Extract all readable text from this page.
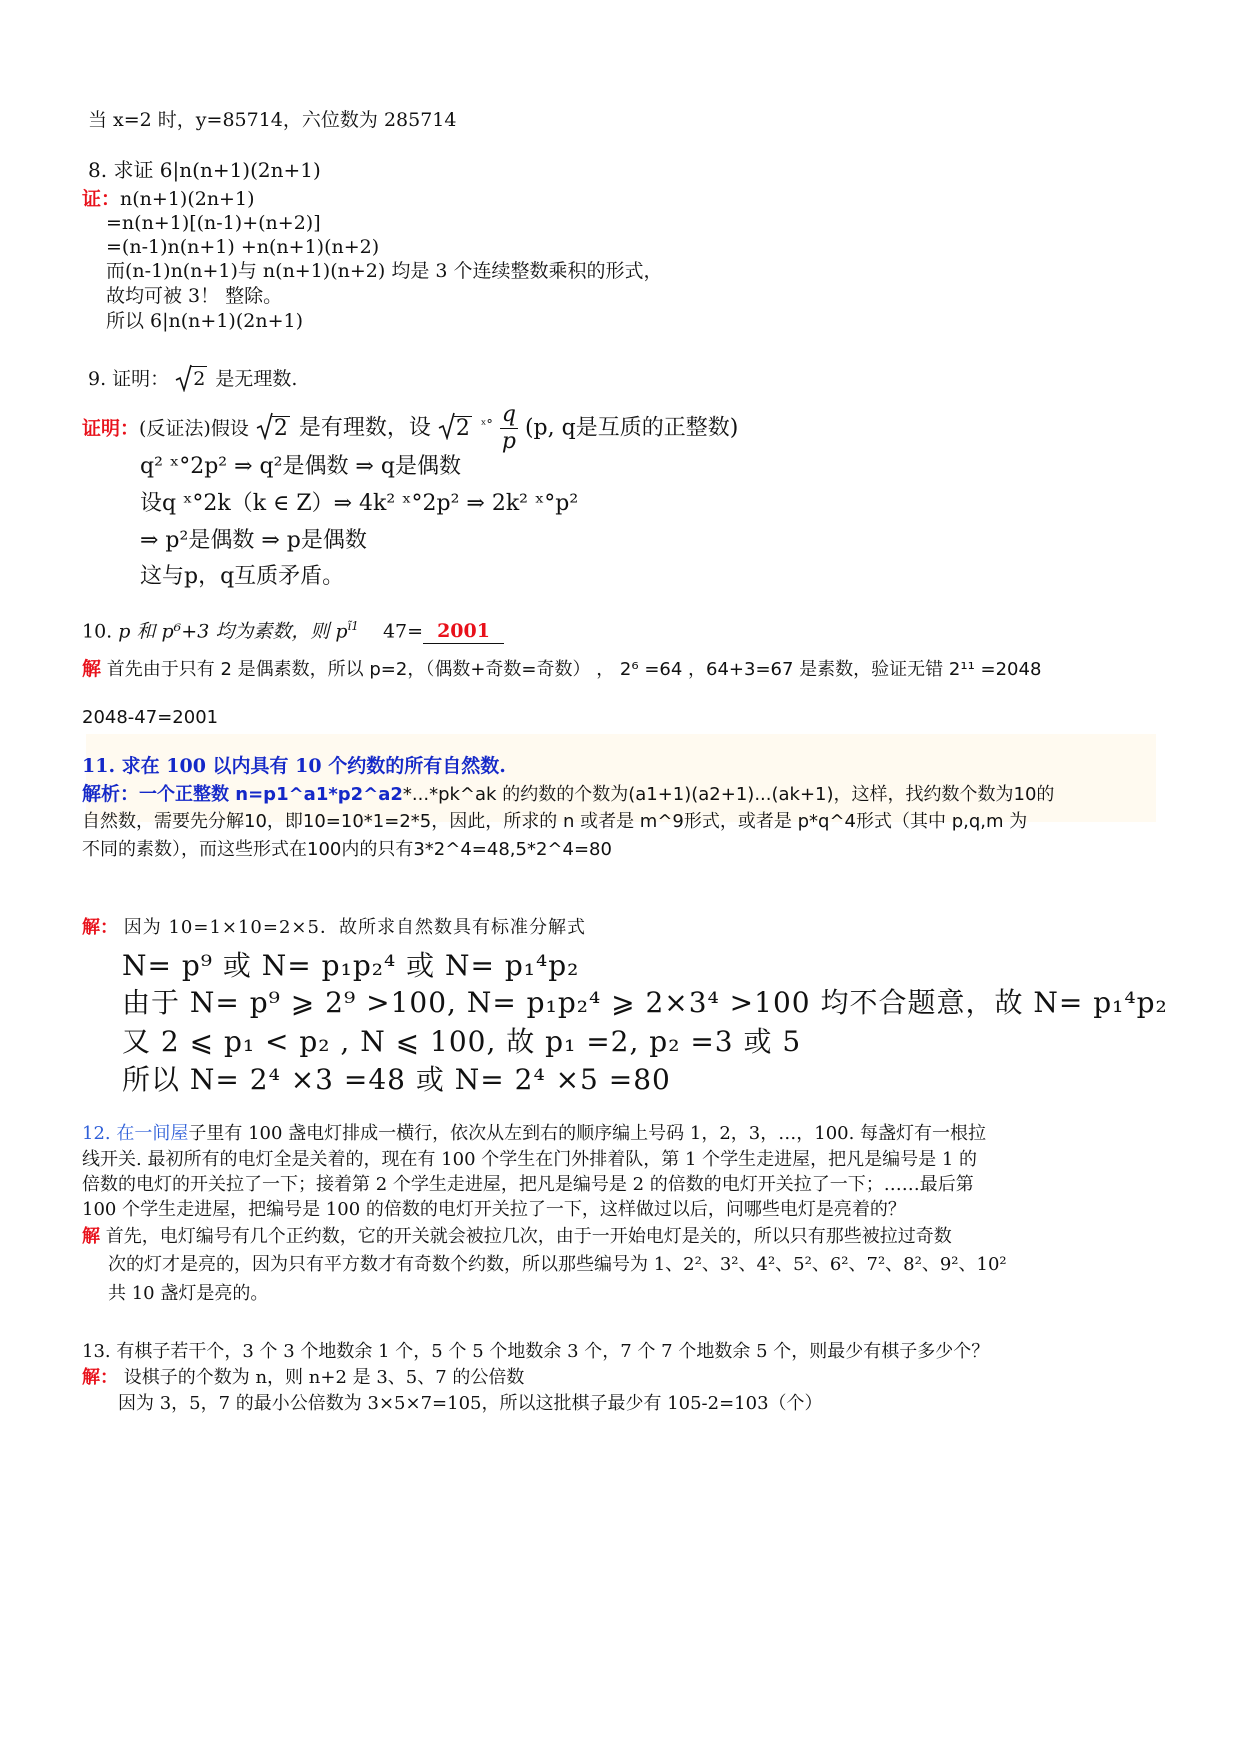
当 x=2 时，y=85714，六位数为 285714
8. 求证 6|n(n+1)(2n+1)
证：n(n+1)(2n+1)
=n(n+1)[(n-1)+(n+2)]
=(n-1)n(n+1) +n(n+1)(n+2)
而(n-1)n(n+1)与 n(n+1)(n+2) 均是 3 个连续整数乘积的形式，
故均可被 3！ 整除。
所以 6|n(n+1)(2n+1)
9. 证明： 2 是无理数.
证明：(反证法)假设 2 是有理数，设 2 $^{ˣ^\circ} \frac{q}{p} (p$, q是互质的正整数)
q² ˣ°2p² ⇒ q²是偶数 ⇒ q是偶数
设q ˣ°2k（k ∈ Z）⇒ 4k² ˣ°2p² ⇒ 2k² ˣ°p²
⇒ p²是偶数 ⇒ p是偶数
这与p，q互质矛盾。
10. p 和 p⁶+3 均为素数，则 $p^{ĩ1}$ 47= 2001
解 首先由于只有 2 是偶素数，所以 p=2，（偶数+奇数=奇数） ， 2⁶ =64 ，64+3=67 是素数，验证无错 2¹¹ =2048
2048-47=2001
11. 求在 100 以内具有 10 个约数的所有自然数.
解析：一个正整数 n=p1^a1*p2^a2*...*pk^ak 的约数的个数为(a1+1)(a2+1)...(ak+1)，这样，找约数个数为10的
自然数，需要先分解10，即10=10*1=2*5，因此，所求的 n 或者是 m^9形式，或者是 p*q^4形式（其中 p,q,m 为
不同的素数），而这些形式在100内的只有3*2^4=48,5*2^4=80
解： 因为 10=1×10=2×5．故所求自然数具有标准分解式
N= p⁹ 或 N= p₁p₂⁴ 或 N= p₁⁴p₂
由于 N= p⁹ ⩾ 2⁹ >100, N= p₁p₂⁴ ⩾ 2×3⁴ >100 均不合题意，故 N= p₁⁴p₂
又 2 ⩽ p₁ < p₂ , N ⩽ 100, 故 p₁ =2, p₂ =3 或 5
所以 N= 2⁴ ×3 =48 或 N= 2⁴ ×5 =80
12. 在一间屋子里有 100 盏电灯排成一横行，依次从左到右的顺序编上号码 1，2，3，…，100. 每盏灯有一根拉
线开关. 最初所有的电灯全是关着的，现在有 100 个学生在门外排着队，第 1 个学生走进屋，把凡是编号是 1 的
倍数的电灯的开关拉了一下；接着第 2 个学生走进屋，把凡是编号是 2 的倍数的电灯开关拉了一下；……最后第
100 个学生走进屋，把编号是 100 的倍数的电灯开关拉了一下，这样做过以后，问哪些电灯是亮着的？
解 首先，电灯编号有几个正约数，它的开关就会被拉几次，由于一开始电灯是关的，所以只有那些被拉过奇数
次的灯才是亮的，因为只有平方数才有奇数个约数，所以那些编号为 1、2²、3²、4²、5²、6²、7²、8²、9²、10²
共 10 盏灯是亮的。
13. 有棋子若干个，3 个 3 个地数余 1 个，5 个 5 个地数余 3 个，7 个 7 个地数余 5 个，则最少有棋子多少个？
解： 设棋子的个数为 n，则 n+2 是 3、5、7 的公倍数
因为 3，5，7 的最小公倍数为 3×5×7=105，所以这批棋子最少有 105-2=103（个）
